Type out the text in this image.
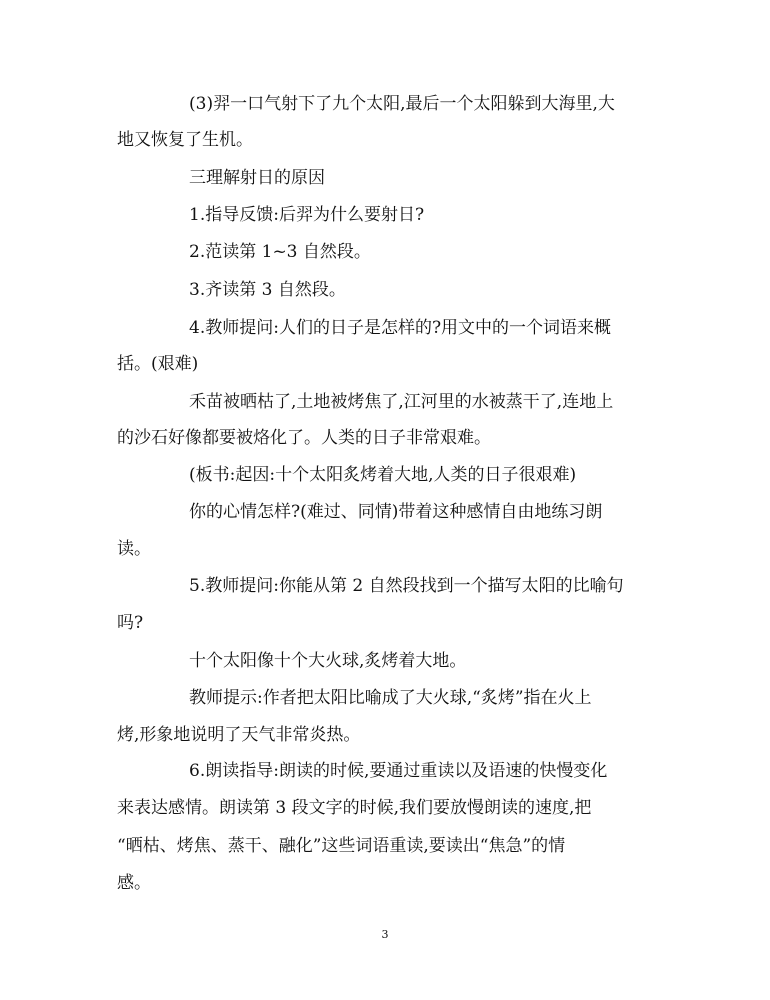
(3)羿一口气射下了九个太阳,最后一个太阳躲到大海里,大
地又恢复了生机。
三理解射日的原因
1.指导反馈:后羿为什么要射日?
2.范读第 1~3 自然段。
3.齐读第 3 自然段。
4.教师提问:人们的日子是怎样的?用文中的一个词语来概
括。(艰难)
禾苗被晒枯了,土地被烤焦了,江河里的水被蒸干了,连地上
的沙石好像都要被烙化了。人类的日子非常艰难。
(板书:起因:十个太阳炙烤着大地,人类的日子很艰难)
你的心情怎样?(难过、同情)带着这种感情自由地练习朗
读。
5.教师提问:你能从第 2 自然段找到一个描写太阳的比喻句
吗?
十个太阳像十个大火球,炙烤着大地。
教师提示:作者把太阳比喻成了大火球,“炙烤”指在火上
烤,形象地说明了天气非常炎热。
6.朗读指导:朗读的时候,要通过重读以及语速的快慢变化
来表达感情。朗读第 3 段文字的时候,我们要放慢朗读的速度,把
“晒枯、烤焦、蒸干、融化”这些词语重读,要读出“焦急”的情
感。
3
